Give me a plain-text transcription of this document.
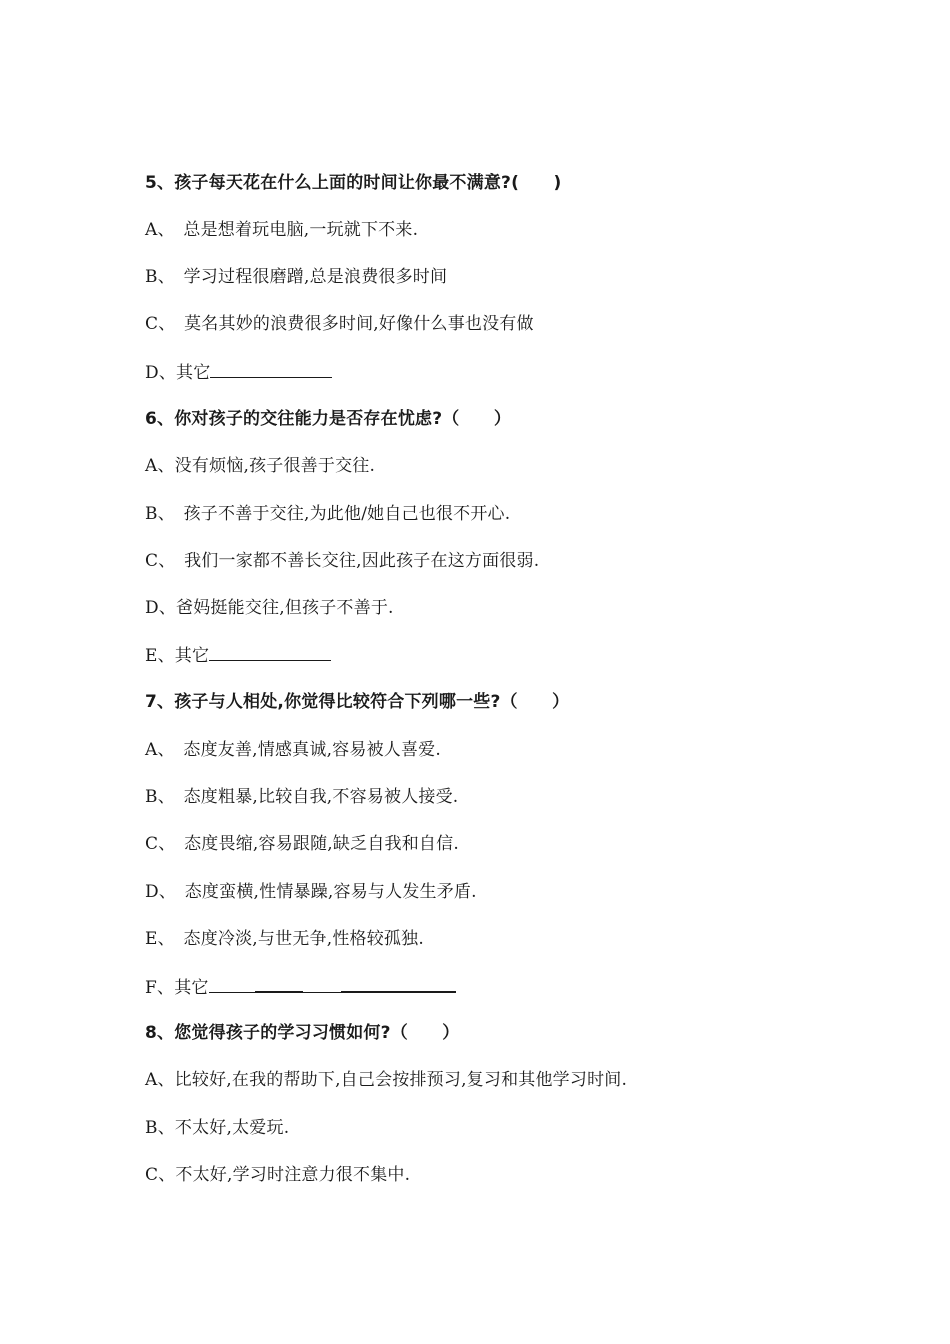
5、孩子每天花在什么上面的时间让你最不满意?(　　)
A、　总是想着玩电脑,一玩就下不来.
B、　学习过程很磨蹭,总是浪费很多时间
C、　莫名其妙的浪费很多时间,好像什么事也没有做
D、其它
6、你对孩子的交往能力是否存在忧虑?（　　）
A、没有烦恼,孩子很善于交往.
B、　孩子不善于交往,为此他/她自己也很不开心.
C、　我们一家都不善长交往,因此孩子在这方面很弱.
D、爸妈挺能交往,但孩子不善于.
E、其它
7、孩子与人相处,你觉得比较符合下列哪一些?（　　）
A、　态度友善,情感真诚,容易被人喜爱.
B、　态度粗暴,比较自我,不容易被人接受.
C、　态度畏缩,容易跟随,缺乏自我和自信.
D、　态度蛮横,性情暴躁,容易与人发生矛盾.
E、　态度冷淡,与世无争,性格较孤独.
F、其它
8、您觉得孩子的学习习惯如何?（　　）
A、比较好,在我的帮助下,自己会按排预习,复习和其他学习时间.
B、不太好,太爱玩.
C、不太好,学习时注意力很不集中.
